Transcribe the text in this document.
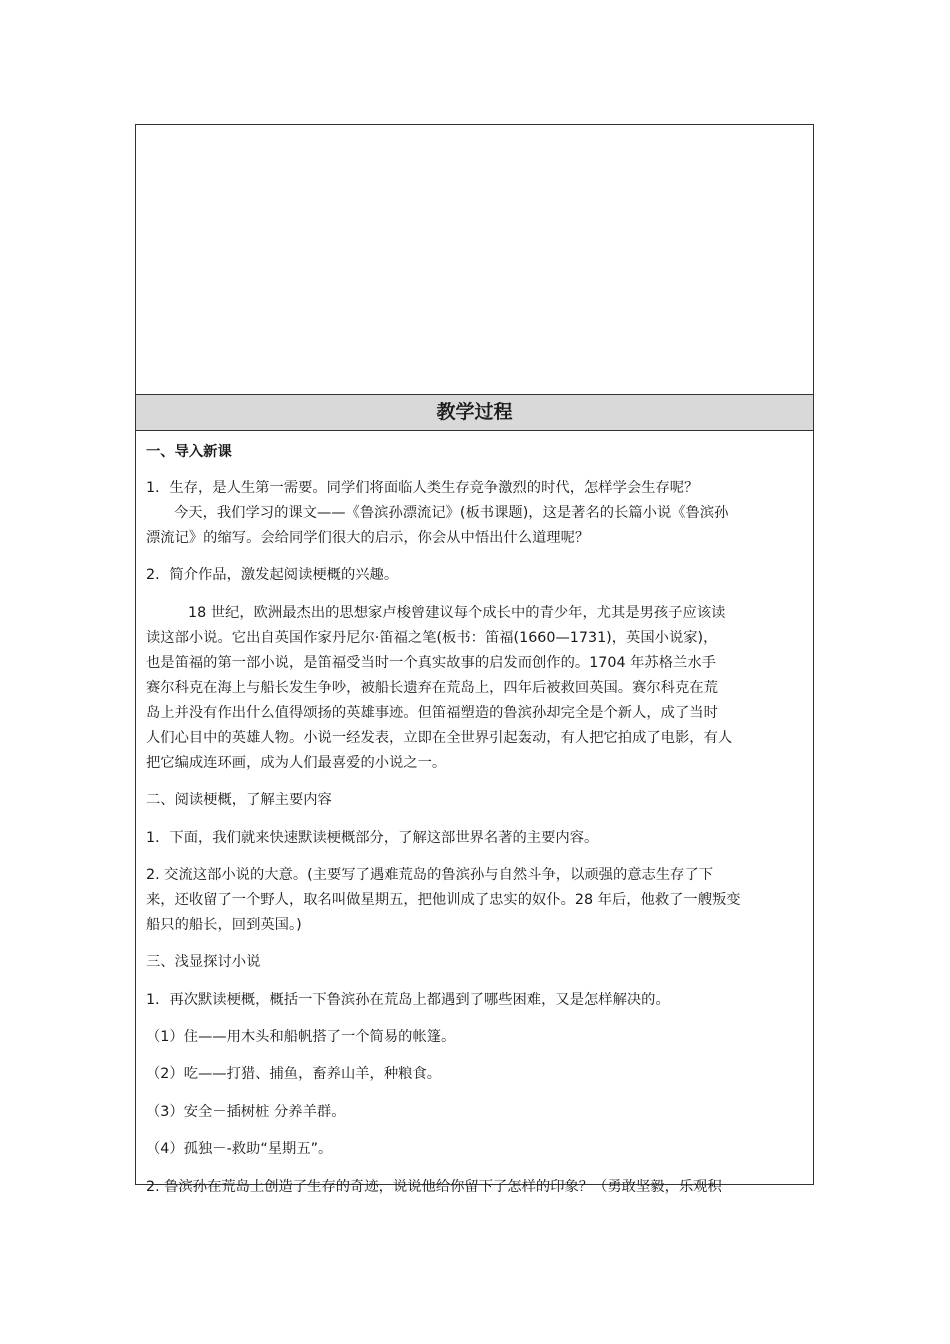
教学过程
一、导入新课
1．生存，是人生第一需要。同学们将面临人类生存竞争激烈的时代，怎样学会生存呢？
今天，我们学习的课文——《鲁滨孙漂流记》(板书课题)，这是著名的长篇小说《鲁滨孙
漂流记》的缩写。会给同学们很大的启示，你会从中悟出什么道理呢？
2．简介作品，激发起阅读梗概的兴趣。
18 世纪，欧洲最杰出的思想家卢梭曾建议每个成长中的青少年，尤其是男孩子应该读
读这部小说。它出自英国作家丹尼尔·笛福之笔(板书：笛福(1660—1731)，英国小说家)，
也是笛福的第一部小说，是笛福受当时一个真实故事的启发而创作的。1704 年苏格兰水手
赛尔科克在海上与船长发生争吵，被船长遗弃在荒岛上，四年后被救回英国。赛尔科克在荒
岛上并没有作出什么值得颂扬的英雄事迹。但笛福塑造的鲁滨孙却完全是个新人，成了当时
人们心目中的英雄人物。小说一经发表，立即在全世界引起轰动，有人把它拍成了电影，有人
把它编成连环画，成为人们最喜爱的小说之一。
二、阅读梗概，了解主要内容
1．下面，我们就来快速默读梗概部分，了解这部世界名著的主要内容。
2. 交流这部小说的大意。(主要写了遇难荒岛的鲁滨孙与自然斗争，以顽强的意志生存了下
来，还收留了一个野人，取名叫做星期五，把他训成了忠实的奴仆。28 年后，他救了一艘叛变
船只的船长，回到英国。)
三、浅显探讨小说
1．再次默读梗概，概括一下鲁滨孙在荒岛上都遇到了哪些困难，又是怎样解决的。
（1）住——用木头和船帆搭了一个简易的帐篷。
（2）吃——打猎、捕鱼，畜养山羊，种粮食。
（3）安全－插树桩 分养羊群。
（4）孤独－-救助“星期五”。
2. 鲁滨孙在荒岛上创造了生存的奇迹，说说他给你留下了怎样的印象？（勇敢坚毅，乐观积
